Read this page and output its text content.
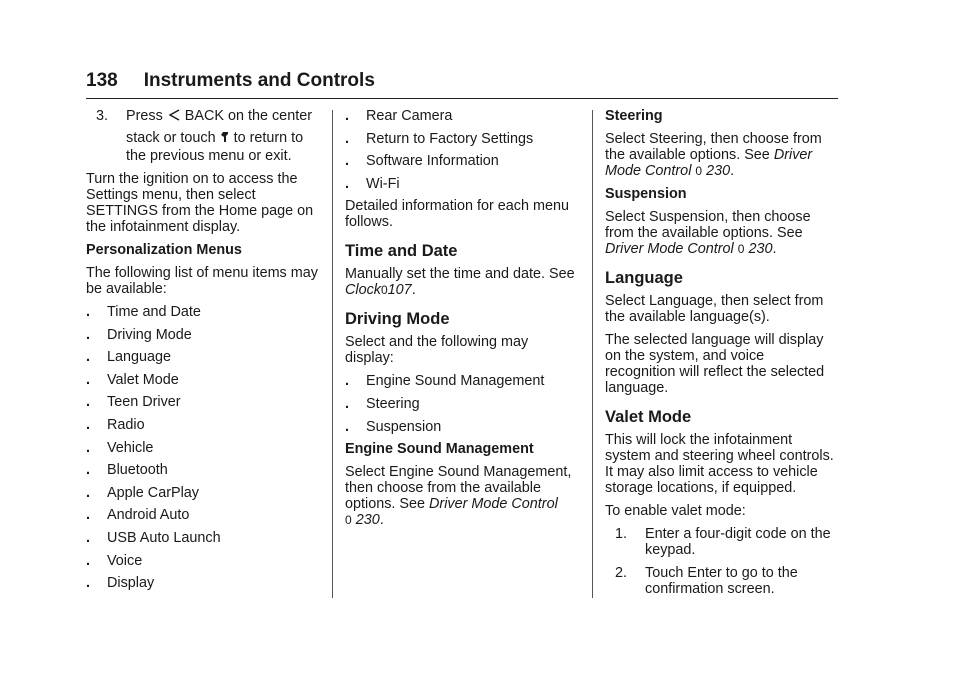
138 Instruments and Controls
3.	Press BACK on the center
stack or touch to return to
the previous menu or exit.

Turn the ignition on to access the Settings menu, then select SETTINGS from the Home page on the infotainment display.

Personalization Menus

The following list of menu items may be available:

.	Time and Date
.	Driving Mode
.	Language
.	Valet Mode
.	Teen Driver
.	Radio
.	Vehicle
.	Bluetooth
.	Apple CarPlay
.	Android Auto
.	USB Auto Launch
.	Voice
.	Display
.	Rear Camera
.	Return to Factory Settings
.	Software Information
.	Wi-Fi

Detailed information for each menu follows.

Time and Date

Manually set the time and date. See Clock0107.

Driving Mode

Select and the following may display:

.	Engine Sound Management
.	Steering
.	Suspension
Engine Sound Management

Select Engine Sound Management, then choose from the available options. See Driver Mode Control
0 230.

Steering

Select Steering, then choose from the available options. See Driver
Mode Control 0 230.

Suspension

Select Suspension, then choose from the available options. See Driver Mode Control 0 230.

Language

Select Language, then select from the available language(s).

The selected language will display on the system, and voice recognition will reflect the selected language.

Valet Mode

This will lock the infotainment system and steering wheel controls. It may also limit access to vehicle storage locations, if equipped.

To enable valet mode:

1.	Enter a four-digit code on the keypad.
2.	Touch Enter to go to the confirmation screen.
